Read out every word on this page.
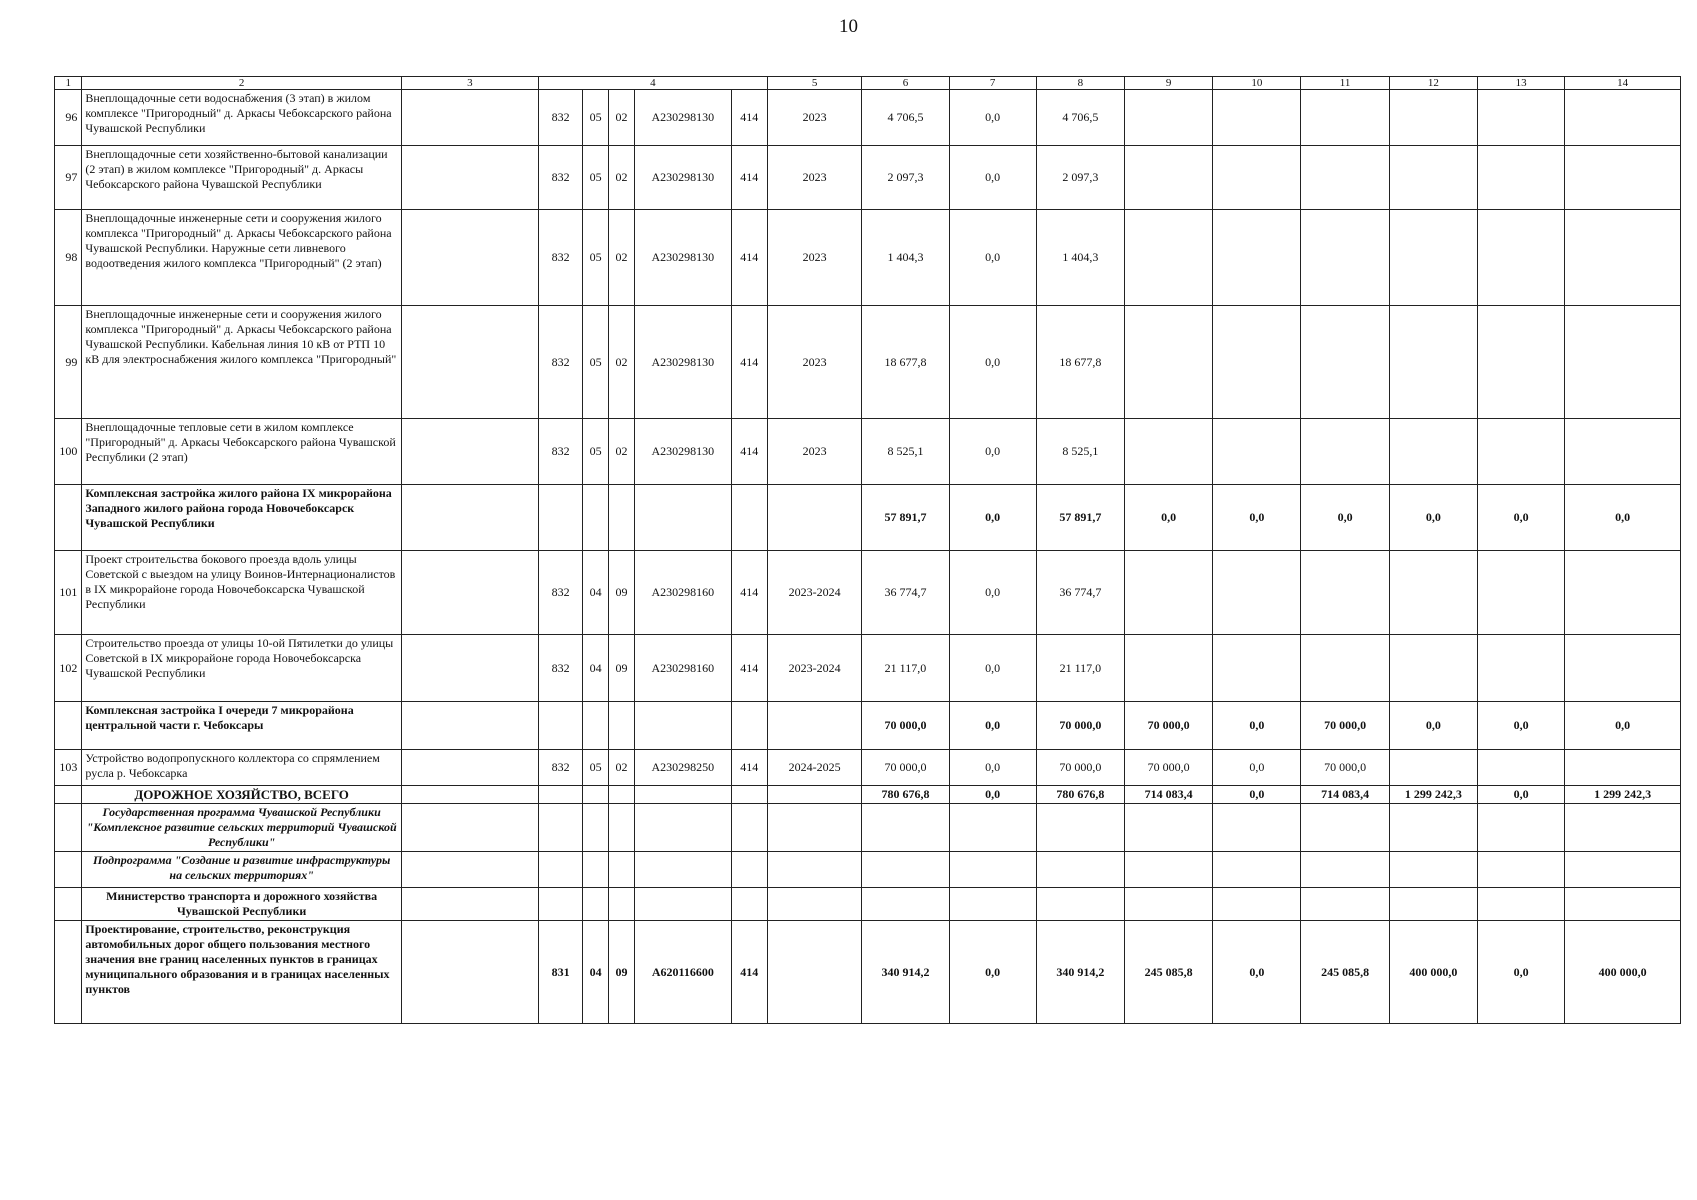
10
1	2	3	4					5	6	7	8	9	10	11	12	13	14
96	Внеплощадочные сети водоснабжения (3 этап) в жилом комплексе "Пригородный" д. Аркасы Чебоксарского района Чувашской Республики		832	05	02	А230298130	414	2023	4 706,5	0,0	4 706,5						
97	Внеплощадочные сети хозяйственно-бытовой канализации (2 этап) в жилом комплексе "Пригородный" д. Аркасы Чебоксарского района Чувашской Республики		832	05	02	А230298130	414	2023	2 097,3	0,0	2 097,3						
98	Внеплощадочные инженерные сети и сооружения жилого комплекса "Пригородный" д. Аркасы Чебоксарского района Чувашской Республики. Наружные сети ливневого водоотведения жилого комплекса "Пригородный" (2 этап)		832	05	02	А230298130	414	2023	1 404,3	0,0	1 404,3						
99	Внеплощадочные инженерные сети и сооружения жилого комплекса "Пригородный" д. Аркасы Чебоксарского района Чувашской Республики. Кабельная линия 10 кВ от РТП 10 кВ для электроснабжения жилого комплекса "Пригородный"		832	05	02	А230298130	414	2023	18 677,8	0,0	18 677,8						
100	Внеплощадочные тепловые сети в жилом комплексе "Пригородный" д. Аркасы Чебоксарского района Чувашской Республики (2 этап)		832	05	02	А230298130	414	2023	8 525,1	0,0	8 525,1						
	Комплексная застройка жилого района IX микрорайона Западного жилого района города Новочебоксарск Чувашской Республики								57 891,7	0,0	57 891,7	0,0	0,0	0,0	0,0	0,0	0,0
101	Проект строительства бокового проезда вдоль улицы Советской с выездом на улицу Воинов-Интернационалистов в IX микрорайоне города Новочебоксарска Чувашской Республики		832	04	09	А230298160	414	2023-2024	36 774,7	0,0	36 774,7						
102	Строительство проезда от улицы 10-ой Пятилетки до улицы Советской в IX микрорайоне города Новочебоксарска Чувашской Республики		832	04	09	А230298160	414	2023-2024	21 117,0	0,0	21 117,0						
	Комплексная застройка I очереди 7 микрорайона центральной части г. Чебоксары								70 000,0	0,0	70 000,0	70 000,0	0,0	70 000,0	0,0	0,0	0,0
103	Устройство водопропускного коллектора со спрямлением русла р. Чебоксарка		832	05	02	А230298250	414	2024-2025	70 000,0	0,0	70 000,0	70 000,0	0,0	70 000,0			
	ДОРОЖНОЕ ХОЗЯЙСТВО, ВСЕГО								780 676,8	0,0	780 676,8	714 083,4	0,0	714 083,4	1 299 242,3	0,0	1 299 242,3
	Государственная программа Чувашской Республики "Комплексное развитие сельских территорий Чувашской Республики"																
	Подпрограмма "Создание и развитие инфраструктуры на сельских территориях"																
	Министерство транспорта и дорожного хозяйства Чувашской Республики																
	Проектирование, строительство, реконструкция автомобильных дорог общего пользования местного значения вне границ населенных пунктов в границах муниципального образования и в границах населенных пунктов		831	04	09	А620116600	414		340 914,2	0,0	340 914,2	245 085,8	0,0	245 085,8	400 000,0	0,0	400 000,0
